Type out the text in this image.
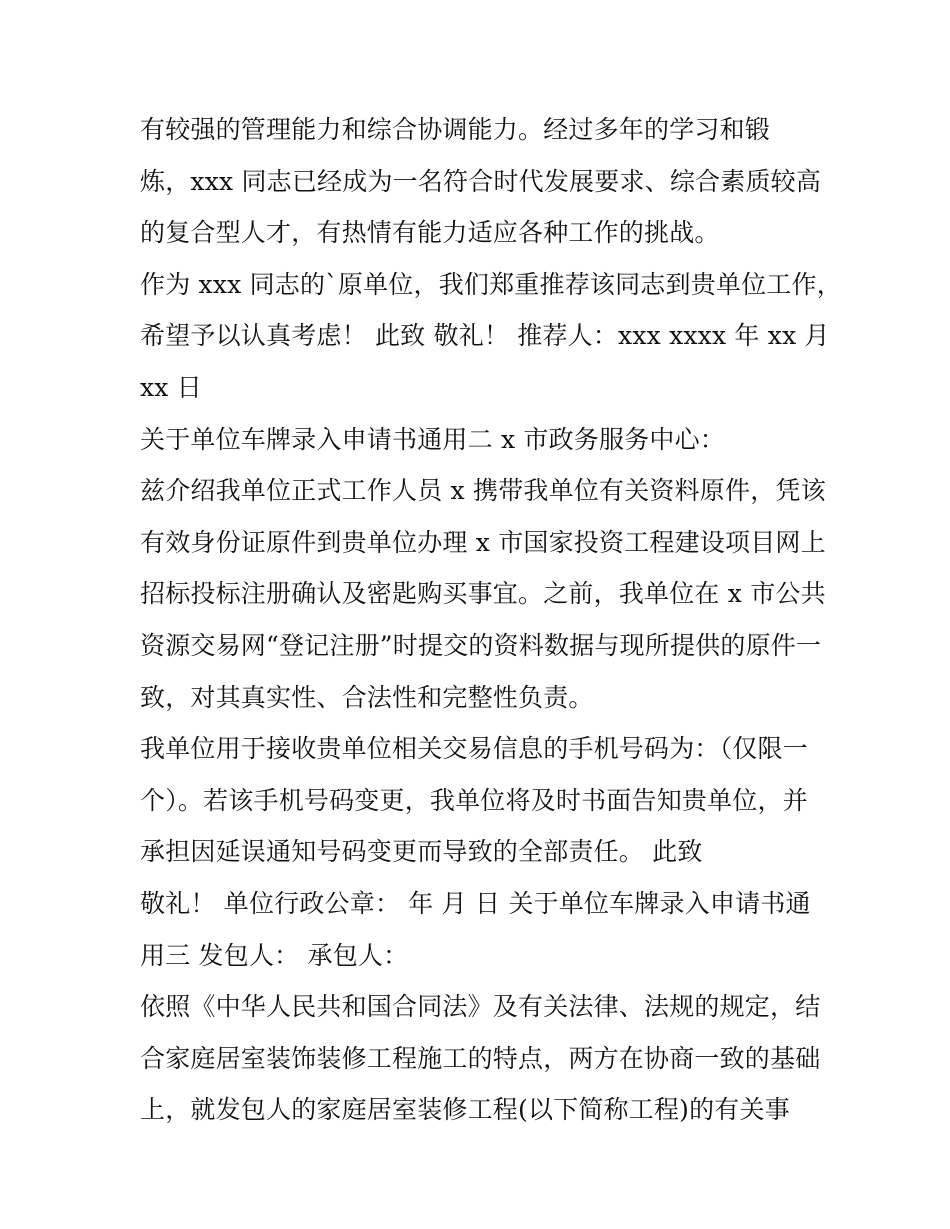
有较强的管理能力和综合协调能力。经过多年的学习和锻
炼，xxx 同志已经成为一名符合时代发展要求、综合素质较高
的复合型人才，有热情有能力适应各种工作的挑战。
作为 xxx 同志的`原单位，我们郑重推荐该同志到贵单位工作，
希望予以认真考虑！ 此致 敬礼！ 推荐人：xxx xxxx 年 xx 月
xx 日
关于单位车牌录入申请书通用二 x 市政务服务中心：
兹介绍我单位正式工作人员 x 携带我单位有关资料原件，凭该
有效身份证原件到贵单位办理 x 市国家投资工程建设项目网上
招标投标注册确认及密匙购买事宜。之前，我单位在 x 市公共
资源交易网“登记注册”时提交的资料数据与现所提供的原件一
致，对其真实性、合法性和完整性负责。
我单位用于接收贵单位相关交易信息的手机号码为：（仅限一
个）。若该手机号码变更，我单位将及时书面告知贵单位，并
承担因延误通知号码变更而导致的全部责任。 此致
敬礼！ 单位行政公章： 年 月 日 关于单位车牌录入申请书通
用三 发包人： 承包人：
依照《中华人民共和国合同法》及有关法律、法规的规定，结
合家庭居室装饰装修工程施工的特点，两方在协商一致的基础
上，就发包人的家庭居室装修工程(以下简称工程)的有关事
